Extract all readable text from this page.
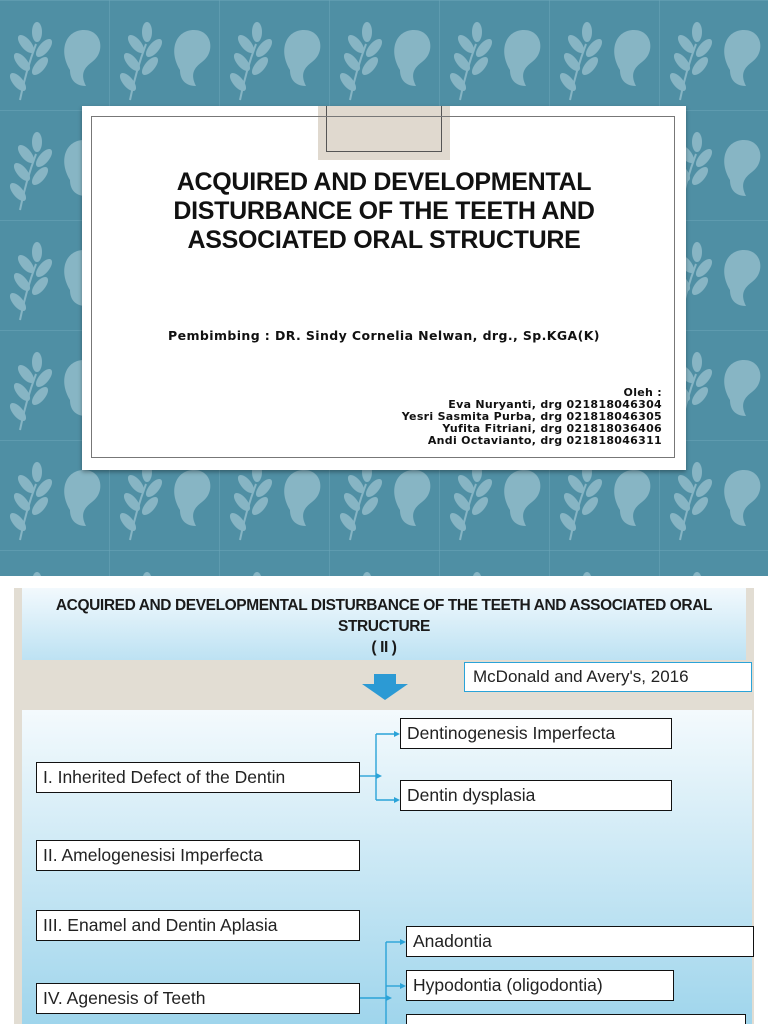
ACQUIRED AND DEVELOPMENTAL DISTURBANCE OF THE TEETH AND ASSOCIATED ORAL STRUCTURE
Pembimbing : DR. Sindy Cornelia Nelwan, drg., Sp.KGA(K)
Oleh :
Eva Nuryanti, drg 021818046304
Yesri Sasmita Purba, drg 021818046305
Yufita Fitriani, drg 021818036406
Andi Octavianto, drg 021818046311
ACQUIRED AND DEVELOPMENTAL DISTURBANCE OF THE TEETH AND ASSOCIATED ORAL
STRUCTURE
( II )
McDonald and Avery's, 2016
I. Inherited Defect of the Dentin
Dentinogenesis Imperfecta
Dentin dysplasia
II. Amelogenesisi Imperfecta
III. Enamel and Dentin Aplasia
IV. Agenesis of Teeth
Anadontia
Hypodontia (oligodontia)
